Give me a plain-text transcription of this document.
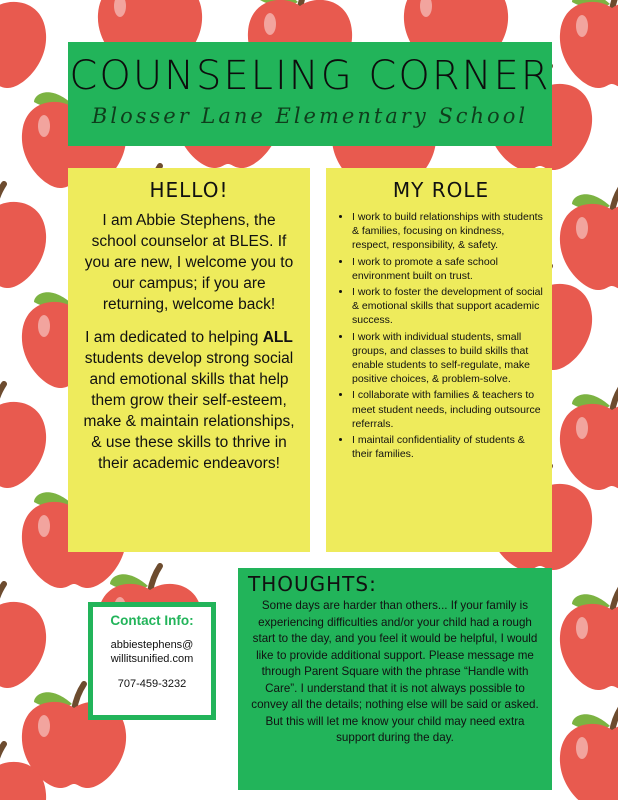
COUNSELING CORNER
Blosser Lane Elementary School
HELLO!

I am Abbie Stephens, the school counselor at BLES. If you are new, I welcome you to our campus; if you are returning, welcome back!

I am dedicated to helping ALL students develop strong social and emotional skills that help them grow their self-esteem, make & maintain relationships, & use these skills to thrive in their academic endeavors!

MY ROLE
• I work to build relationships with students & families, focusing on kindness, respect, responsibility, & safety.
• I work to promote a safe school environment built on trust.
• I work to foster the development of social & emotional skills that support academic success.
• I work with individual students, small groups, and classes to build skills that enable students to self-regulate, make positive choices, & problem-solve.
• I collaborate with families & teachers to meet student needs, including outsource referrals.
• I maintail confidentiality of students & their families.
THOUGHTS:

Some days are harder than others... If your family is experiencing difficulties and/or your child had a rough start to the day, and you feel it would be helpful, I would like to provide additional support. Please message me through Parent Square with the phrase “Handle with Care”. I understand that it is not always possible to convey all the details; nothing else will be said or asked. But this will let me know your child may need extra support during the day.

Contact Info:
abbiestephens@
willitsunified.com
707-459-3232
